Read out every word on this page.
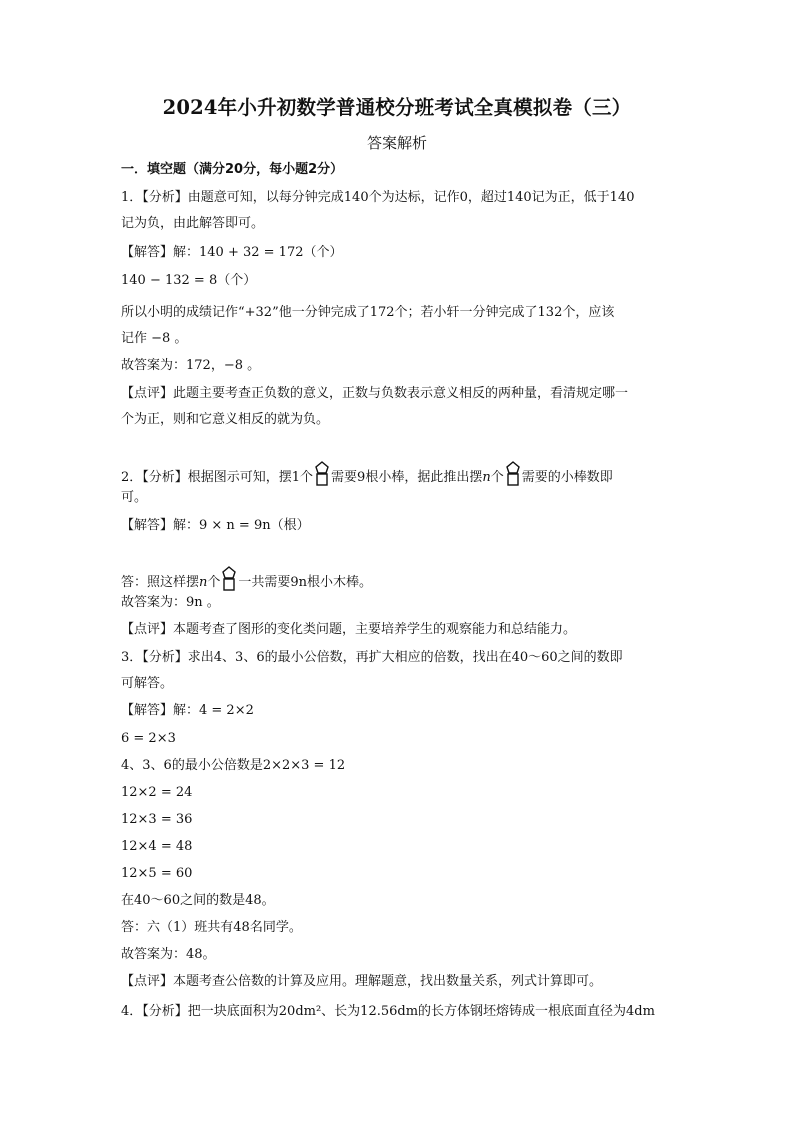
2024年小升初数学普通校分班考试全真模拟卷（三）
答案解析
一．填空题（满分20分，每小题2分）
1．【分析】由题意可知，以每分钟完成140个为达标，记作0，超过140记为正，低于140
记为负，由此解答即可。
【解答】解：140 + 32 = 172（个）
140 − 132 = 8（个）
所以小明的成绩记作“+32”他一分钟完成了172个；若小轩一分钟完成了132个，应该
记作 −8 。
故答案为：172，−8 。
【点评】此题主要考查正负数的意义，正数与负数表示意义相反的两种量，看清规定哪一
个为正，则和它意义相反的就为负。
2．【分析】根据图示可知，摆1个 需要9根小棒，据此推出摆n个 需要的小棒数即
可。
【解答】解：9 × n = 9n（根）
答：照这样摆n个 一共需要9n根小木棒。
故答案为：9n 。
【点评】本题考查了图形的变化类问题，主要培养学生的观察能力和总结能力。
3．【分析】求出4、3、6的最小公倍数，再扩大相应的倍数，找出在40～60之间的数即
可解答。
【解答】解：4 = 2×2
6 = 2×3
4、3、6的最小公倍数是2×2×3 = 12
12×2 = 24
12×3 = 36
12×4 = 48
12×5 = 60
在40～60之间的数是48。
答：六（1）班共有48名同学。
故答案为：48。
【点评】本题考查公倍数的计算及应用。理解题意，找出数量关系，列式计算即可。
4．【分析】把一块底面积为20dm²、长为12.56dm的长方体钢坯熔铸成一根底面直径为4dm
